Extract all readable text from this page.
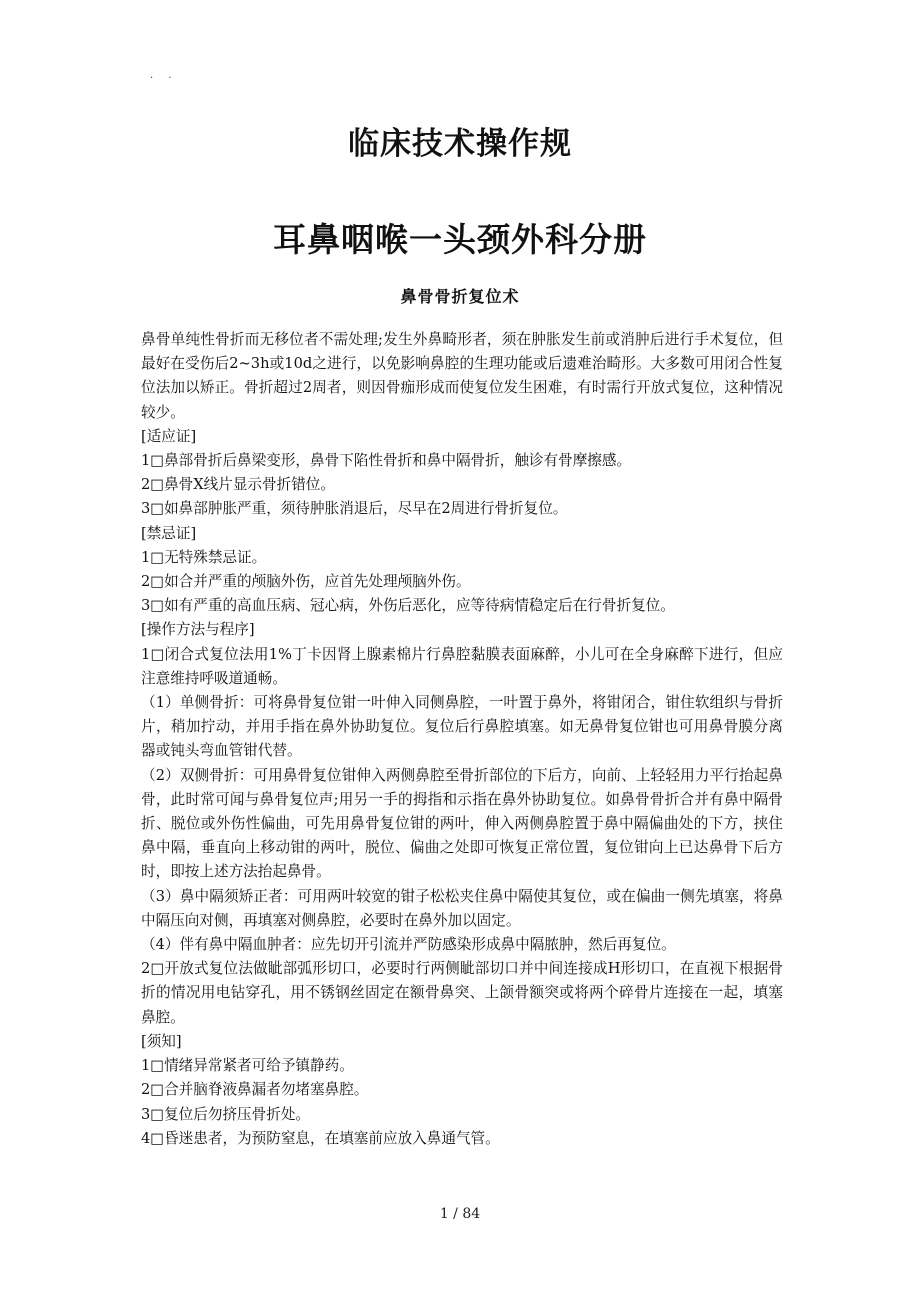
. .
临床技术操作规
耳鼻咽喉一头颈外科分册
鼻骨骨折复位术

鼻骨单纯性骨折而无移位者不需处理;发生外鼻畸形者，须在肿胀发生前或消肿后进行手术复位，但最好在受伤后2~3h或10d之进行，以免影响鼻腔的生理功能或后遗难治畸形。大多数可用闭合性复位法加以矫正。骨折超过2周者，则因骨痂形成而使复位发生困难，有时需行开放式复位，这种情况较少。

[适应证]

1□鼻部骨折后鼻梁变形，鼻骨下陷性骨折和鼻中隔骨折，触诊有骨摩擦感。

2□鼻骨X线片显示骨折错位。

3□如鼻部肿胀严重，须待肿胀消退后，尽早在2周进行骨折复位。

[禁忌证]

1□无特殊禁忌证。

2□如合并严重的颅脑外伤，应首先处理颅脑外伤。

3□如有严重的高血压病、冠心病，外伤后恶化，应等待病情稳定后在行骨折复位。

[操作方法与程序]

1□闭合式复位法用1%丁卡因肾上腺素棉片行鼻腔黏膜表面麻醉，小儿可在全身麻醉下进行，但应注意维持呼吸道通畅。

（1）单侧骨折：可将鼻骨复位钳一叶伸入同侧鼻腔，一叶置于鼻外，将钳闭合，钳住软组织与骨折片，稍加拧动，并用手指在鼻外协助复位。复位后行鼻腔填塞。如无鼻骨复位钳也可用鼻骨膜分离器或钝头弯血管钳代替。

（2）双侧骨折：可用鼻骨复位钳伸入两侧鼻腔至骨折部位的下后方，向前、上轻轻用力平行抬起鼻骨，此时常可闻与鼻骨复位声;用另一手的拇指和示指在鼻外协助复位。如鼻骨骨折合并有鼻中隔骨折、脱位或外伤性偏曲，可先用鼻骨复位钳的两叶，伸入两侧鼻腔置于鼻中隔偏曲处的下方，挟住鼻中隔，垂直向上移动钳的两叶，脱位、偏曲之处即可恢复正常位置，复位钳向上已达鼻骨下后方时，即按上述方法抬起鼻骨。

（3）鼻中隔须矫正者：可用两叶较宽的钳子松松夹住鼻中隔使其复位，或在偏曲一侧先填塞，将鼻中隔压向对侧，再填塞对侧鼻腔，必要时在鼻外加以固定。

（4）伴有鼻中隔血肿者：应先切开引流并严防感染形成鼻中隔脓肿，然后再复位。

2□开放式复位法做眦部弧形切口，必要时行两侧眦部切口并中间连接成H形切口，在直视下根据骨折的情况用电钻穿孔，用不锈钢丝固定在额骨鼻突、上颌骨额突或将两个碎骨片连接在一起，填塞鼻腔。

[须知]

1□情绪异常紧者可给予镇静药。

2□合并脑脊液鼻漏者勿堵塞鼻腔。

3□复位后勿挤压骨折处。

4□昏迷患者，为预防窒息，在填塞前应放入鼻通气管。

1 / 84
